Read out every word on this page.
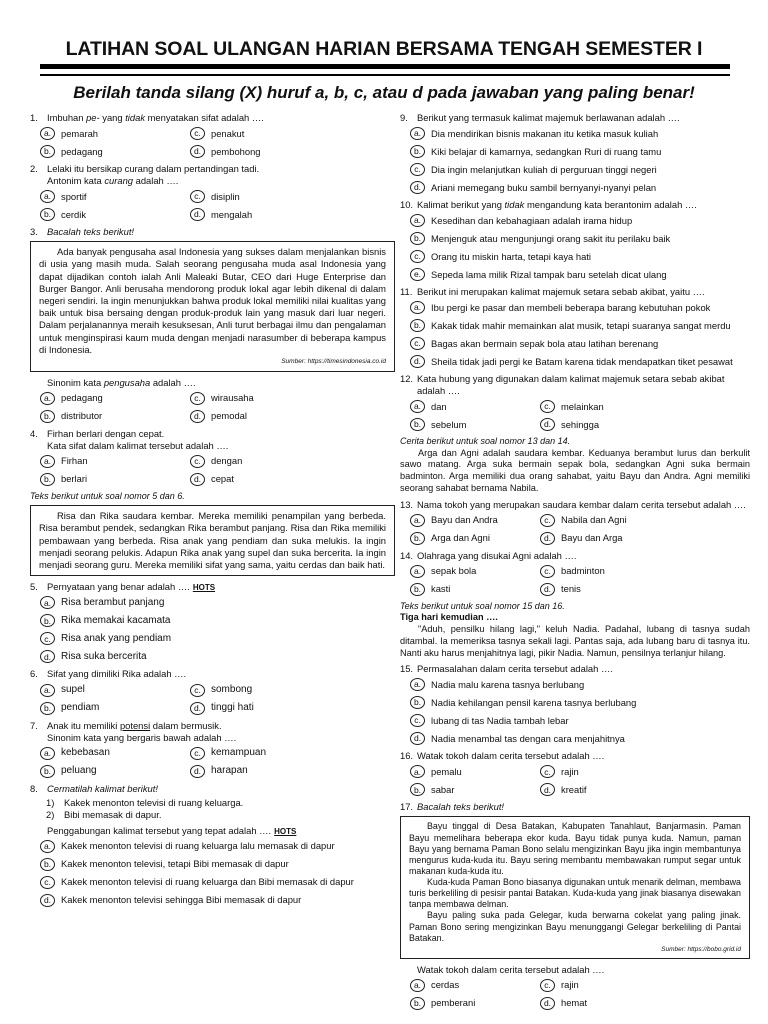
LATIHAN SOAL ULANGAN HARIAN BERSAMA TENGAH SEMESTER I
Berilah tanda silang (X) huruf a, b, c, atau d pada jawaban yang paling benar!
1. Imbuhan pe- yang tidak menyatakan sifat adalah ….
a.	pemarah	c.	penakut
b.	pedagang	d.	pembohong
2. Lelaki itu bersikap curang dalam pertandingan tadi.
Antonim kata curang adalah ….
a.	sportif	c.	disiplin
b.	cerdik	d.	mengalah
3. Bacalah teks berikut!

Ada banyak pengusaha asal Indonesia yang sukses dalam menjalankan bisnis di usia yang masih muda. Salah seorang pengusaha muda asal Indonesia yang dapat dijadikan contoh ialah Anli Maleaki Butar, CEO dari Huge Enterprise dan Burger Bangor. Anli berusaha mendorong produk lokal agar lebih dikenal di dalam negeri sendiri. Ia ingin menunjukkan bahwa produk lokal memiliki nilai kualitas yang baik untuk bisa bersaing dengan produk-produk lain yang masuk dari luar negeri. Dalam perjalanannya meraih kesuksesan, Anli turut berbagai ilmu dan pengalaman untuk menginspirasi kaum muda dengan menjadi narasumber di beberapa kampus di Indonesia.

Sumber: https://timesindonesia.co.id
Sinonim kata pengusaha adalah ….
a.	pedagang	c.	wirausaha
b.	distributor	d.	pemodal
4. Firhan berlari dengan cepat.
Kata sifat dalam kalimat tersebut adalah ….
a.	Firhan	c.	dengan
b.	berlari	d.	cepat
Teks berikut untuk soal nomor 5 dan 6.

Risa dan Rika saudara kembar. Mereka memiliki penampilan yang berbeda. Risa berambut pendek, sedangkan Rika berambut panjang. Risa dan Rika memiliki pembawaan yang berbeda. Risa anak yang pendiam dan suka melukis. Ia ingin menjadi seorang pelukis. Adapun Rika anak yang supel dan suka bercerita. Ia ingin menjadi seorang guru. Mereka memiliki sifat yang sama, yaitu cerdas dan baik hati.

5. Pernyataan yang benar adalah …. HOTS
a. Risa berambut panjang
b. Rika memakai kacamata
c.	Risa anak yang pendiam
d. Risa suka bercerita
6. Sifat yang dimiliki Rika adalah ….
a. supel	c.	sombong
b. pendiam	d. tinggi hati
7. Anak itu memiliki potensi dalam bermusik.
Sinonim kata yang bergaris bawah adalah ….
a. kebebasan	c.	kemampuan
b. peluang	d. harapan
8. Cermatilah kalimat berikut!
1)	Kakek menonton televisi di ruang keluarga.
2)	Bibi memasak di dapur.
Penggabungan kalimat tersebut yang tepat adalah …. HOTS
a.	Kakek menonton televisi di ruang keluarga lalu memasak di dapur
b.	Kakek menonton televisi, tetapi Bibi memasak di dapur
c.	Kakek menonton televisi di ruang keluarga dan Bibi memasak di dapur
d.	Kakek menonton televisi sehingga Bibi memasak di dapur
9. Berikut yang termasuk kalimat majemuk berlawanan adalah ….
a.	Dia mendirikan bisnis makanan itu ketika masuk kuliah
b.	Kiki belajar di kamarnya, sedangkan Ruri di ruang tamu
c.	Dia ingin melanjutkan kuliah di perguruan tinggi negeri
d.	Ariani memegang buku sambil bernyanyi-nyanyi pelan
10. Kalimat berikut yang tidak mengandung kata berantonim adalah ….
a.	Kesedihan dan kebahagiaan adalah irama hidup
b.	Menjenguk atau mengunjungi orang sakit itu perilaku baik
c.	Orang itu miskin harta, tetapi kaya hati
e.	Sepeda lama milik Rizal tampak baru setelah dicat ulang
11. Berikut ini merupakan kalimat majemuk setara sebab akibat, yaitu ….
a.	Ibu pergi ke pasar dan membeli beberapa barang kebutuhan pokok
b.	Kakak tidak mahir memainkan alat musik, tetapi suaranya sangat merdu
c.	Bagas akan bermain sepak bola atau latihan berenang
d.	Sheila tidak jadi pergi ke Batam karena tidak mendapatkan tiket pesawat
12. Kata hubung yang digunakan dalam kalimat majemuk setara sebab akibat adalah ….
a.	dan	c.	melainkan
b.	sebelum	d.	sehingga
Cerita berikut untuk soal nomor 13 dan 14.

Arga dan Agni adalah saudara kembar. Keduanya berambut lurus dan berkulit sawo matang. Arga suka bermain sepak bola, sedangkan Agni suka bermain badminton. Arga memiliki dua orang sahabat, yaitu Bayu dan Andra. Agni memiliki seorang sahabat bernama Nabila.

13. Nama tokoh yang merupakan saudara kembar dalam cerita tersebut adalah ….
a.	Bayu dan Andra	c.	Nabila dan Agni
b.	Arga dan Agni	d.	Bayu dan Arga
14. Olahraga yang disukai Agni adalah ….
a.	sepak bola	c.	badminton
b.	kasti	d.	tenis
Teks berikut untuk soal nomor 15 dan 16.
Tiga hari kemudian ….

"Aduh, pensilku hilang lagi," keluh Nadia. Padahal, lubang di tasnya sudah ditambal. Ia memeriksa tasnya sekali lagi. Pantas saja, ada lubang baru di tasnya itu. Nanti aku harus menjahitnya lagi, pikir Nadia. Namun, pensilnya terlanjur hilang.

15. Permasalahan dalam cerita tersebut adalah ….
a.	Nadia malu karena tasnya berlubang
b.	Nadia kehilangan pensil karena tasnya berlubang
c.	lubang di tas Nadia tambah lebar
d.	Nadia menambal tas dengan cara menjahitnya
16. Watak tokoh dalam cerita tersebut adalah ….
a.	pemalu	c.	rajin
b.	sabar	d.	kreatif
17. Bacalah teks berikut!

Bayu tinggal di Desa Batakan, Kabupaten Tanahlaut, Banjarmasin. Paman Bayu memelihara beberapa ekor kuda. Bayu tidak punya kuda. Namun, paman Bayu yang bernama Paman Bono selalu mengizinkan Bayu jika ingin membantunya mengurus kuda-kuda itu. Bayu sering membantu membawakan rumput segar untuk makanan kuda-kuda itu.

Kuda-kuda Paman Bono biasanya digunakan untuk menarik delman, membawa turis berkeliling di pesisir pantai Batakan. Kuda-kuda yang jinak biasanya disewakan tanpa membawa delman.

Bayu paling suka pada Gelegar, kuda berwarna cokelat yang paling jinak. Paman Bono sering mengizinkan Bayu menunggangi Gelegar berkeliling di Pantai Batakan.

Sumber: https://bobo.grid.id
Watak tokoh dalam cerita tersebut adalah ….
a.	cerdas	c.	rajin
b.	pemberani	d.	hemat
